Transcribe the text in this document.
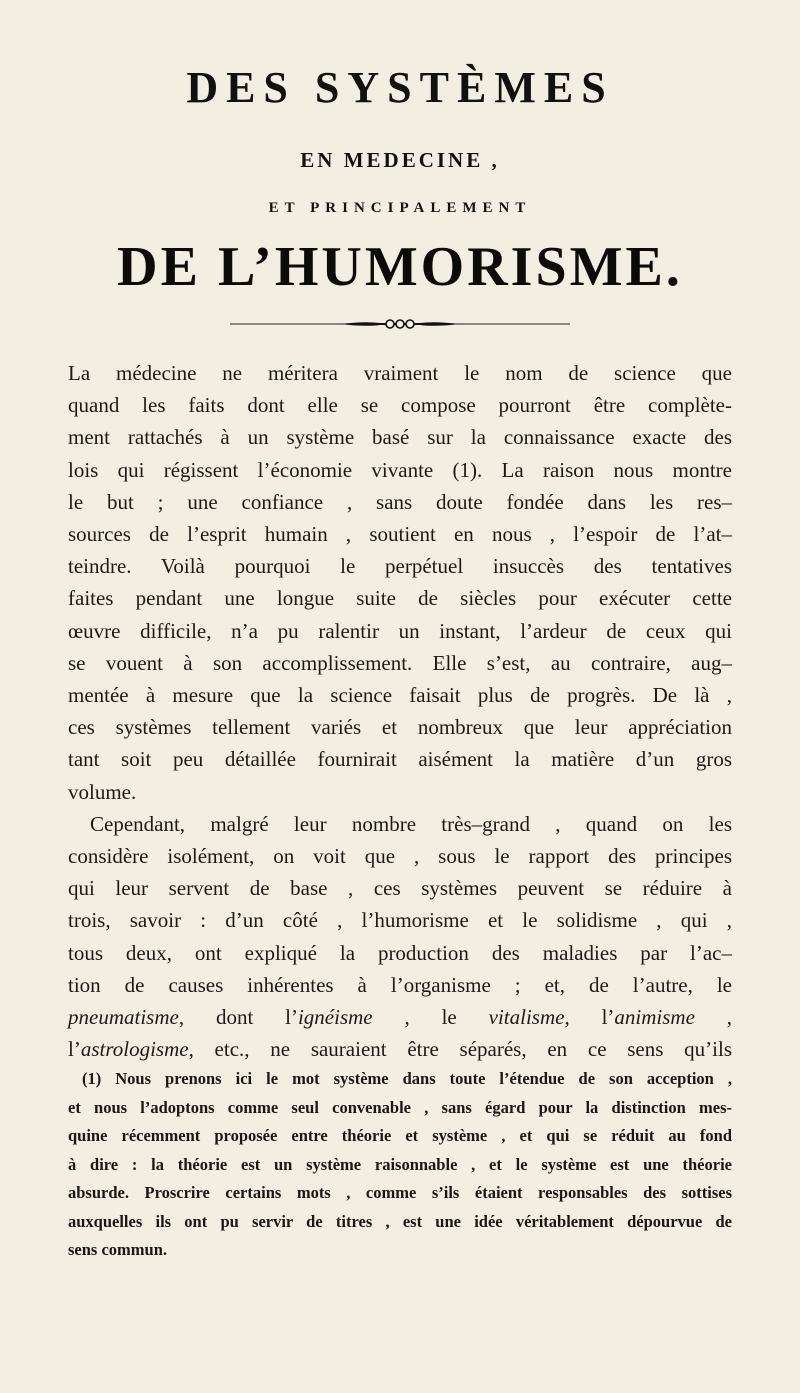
DES SYSTÈMES
EN MEDECINE ,
ET PRINCIPALEMENT
DE L’HUMORISME.
La médecine ne méritera vraiment le nom de science que
quand les faits dont elle se compose pourront être complète-
ment rattachés à un système basé sur la connaissance exacte des
lois qui régissent l’économie vivante (1). La raison nous montre
le but ; une confiance , sans doute fondée dans les res–
sources de l’esprit humain , soutient en nous , l’espoir de l’at–
teindre. Voilà pourquoi le perpétuel insuccès des tentatives
faites pendant une longue suite de siècles pour exécuter cette
œuvre difficile, n’a pu ralentir un instant, l’ardeur de ceux qui
se vouent à son accomplissement. Elle s’est, au contraire, aug–
mentée à mesure que la science faisait plus de progrès. De là ,
ces systèmes tellement variés et nombreux que leur appréciation
tant soit peu détaillée fournirait aisément la matière d’un gros
volume.
Cependant, malgré leur nombre très–grand , quand on les
considère isolément, on voit que , sous le rapport des principes
qui leur servent de base , ces systèmes peuvent se réduire à
trois, savoir : d’un côté , l’humorisme et le solidisme , qui ,
tous deux, ont expliqué la production des maladies par l’ac–
tion de causes inhérentes à l’organisme ; et, de l’autre, le
pneumatisme, dont l’ignéisme , le vitalisme, l’animisme ,
l’astrologisme, etc., ne sauraient être séparés, en ce sens qu’ils
(1) Nous prenons ici le mot système dans toute l’étendue de son acception ,
et nous l’adoptons comme seul convenable , sans égard pour la distinction mes-
quine récemment proposée entre théorie et système , et qui se réduit au fond
à dire : la théorie est un système raisonnable , et le système est une théorie
absurde. Proscrire certains mots , comme s’ils étaient responsables des sottises
auxquelles ils ont pu servir de titres , est une idée véritablement dépourvue de
sens commun.
